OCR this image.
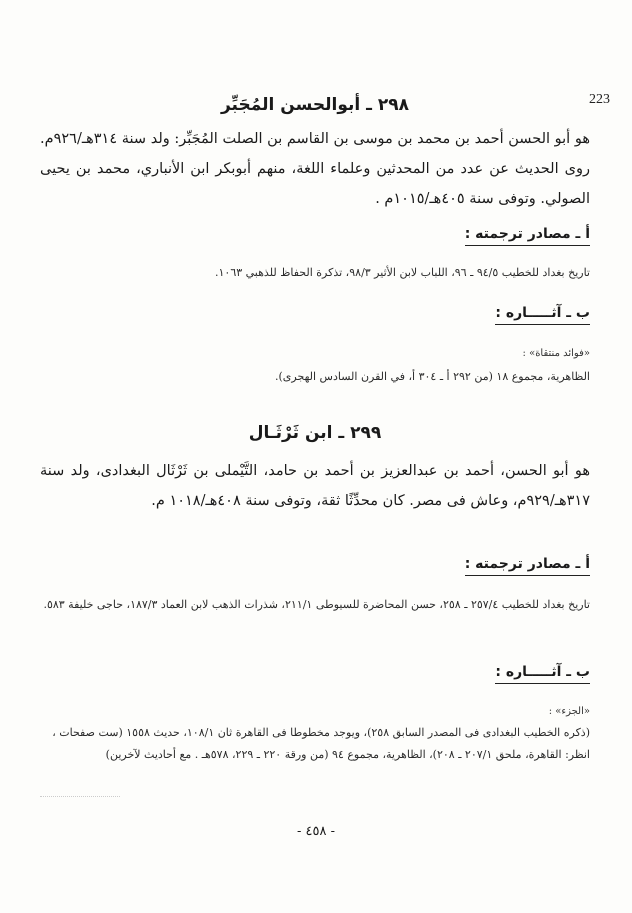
223
٢٩٨ ـ أبوالحسن المُجَبِّر
هو أبو الحسن أحمد بن محمد بن موسى بن القاسم بن الصلت المُجَبِّر: ولد سنة ٣١٤هـ/٩٢٦م. روى الحديث عن عدد من المحدثين وعلماء اللغة، منهم أبوبكر ابن الأنباري، محمد بن يحيى الصولي. وتوفى سنة ٤٠٥هـ/١٠١٥م .
أ ـ مصادر ترجمته :
تاريخ بغداد للخطيب ٩٤/٥ ـ ٩٦، اللباب لابن الأثير ٩٨/٣، تذكرة الحفاظ للذهبي ١٠٦٣.
ب ـ آثـــــاره :
«فوائد منتقاة» :
الظاهرية، مجموع ١٨ (من ٢٩٢ أ ـ ٣٠٤ أ، في القرن السادس الهجرى).
٢٩٩ ـ ابن ثَرْثَـال
هو أبو الحسن، أحمد بن عبدالعزيز بن أحمد بن حامد، التَّيْملى بن ثَرْثَال البغدادى، ولد سنة ٣١٧هـ/٩٢٩م، وعاش فى مصر. كان محدِّثًا ثقة، وتوفى سنة ٤٠٨هـ/١٠١٨ م.
أ ـ مصادر ترجمته :
تاريخ بغداد للخطيب ٢٥٧/٤ ـ ٢٥٨، حسن المحاضرة للسيوطى ٢١١/١، شذرات الذهب لابن العماد ١٨٧/٣، حاجى خليفة ٥٨٣.
ب ـ آثـــــاره :
«الجزء» :
(ذكره الخطيب البغدادى فى المصدر السابق ٢٥٨)، ويوجد مخطوطا فى القاهرة ثان ١٠٨/١، حديث ١٥٥٨ (ست صفحات ، انظر: القاهرة، ملحق ٢٠٧/١ ـ ٢٠٨)، الظاهرية، مجموع ٩٤ (من ورقة ٢٢٠ ـ ٢٢٩، ٥٧٨هـ . مع أحاديث لآخرين)
- ٤٥٨ -
